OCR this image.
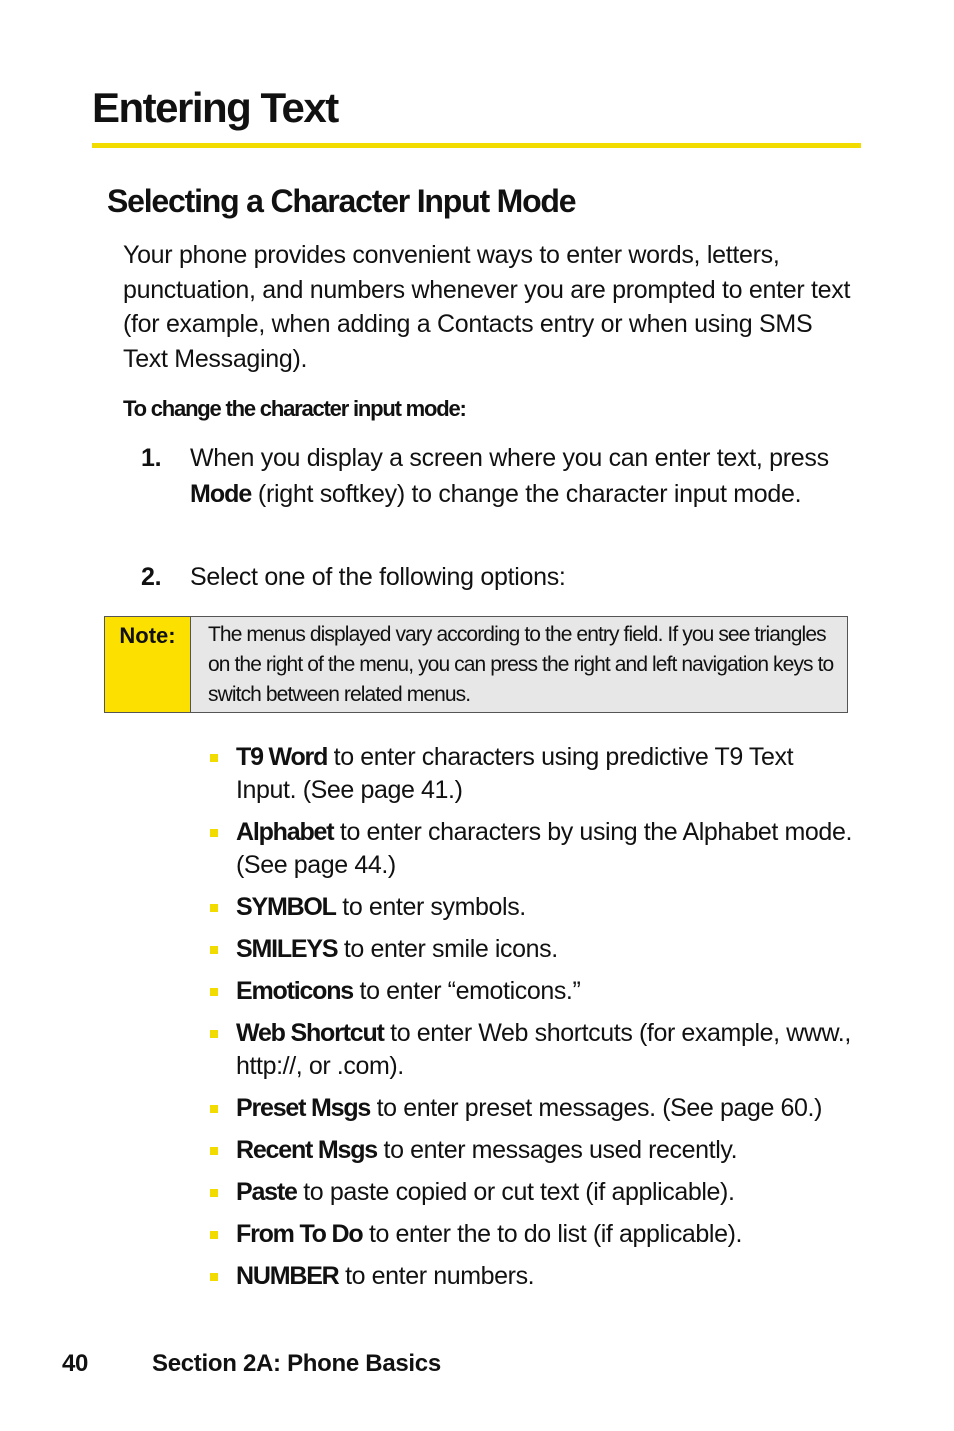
Entering Text
Selecting a Character Input Mode

Your phone provides convenient ways to enter words, letters, punctuation, and numbers whenever you are prompted to enter text (for example, when adding a Contacts entry or when using SMS Text Messaging).

To change the character input mode:

1. When you display a screen where you can enter text, press Mode (right softkey) to change the character input mode.
2. Select one of the following options:
Note:	The menus displayed vary according to the entry field. If you see triangles on the right of the menu, you can press the right and left navigation keys to switch between related menus.
T9 Word to enter characters using predictive T9 Text Input. (See page 41.)
Alphabet to enter characters by using the Alphabet mode. (See page 44.)
SYMBOL to enter symbols.
SMILEYS to enter smile icons.
Emoticons to enter “emoticons.”
Web Shortcut to enter Web shortcuts (for example, www., http://, or .com).
Preset Msgs to enter preset messages. (See page 60.)
Recent Msgs to enter messages used recently.
Paste to paste copied or cut text (if applicable).
From To Do to enter the to do list (if applicable).
NUMBER to enter numbers.
40	Section 2A: Phone Basics
